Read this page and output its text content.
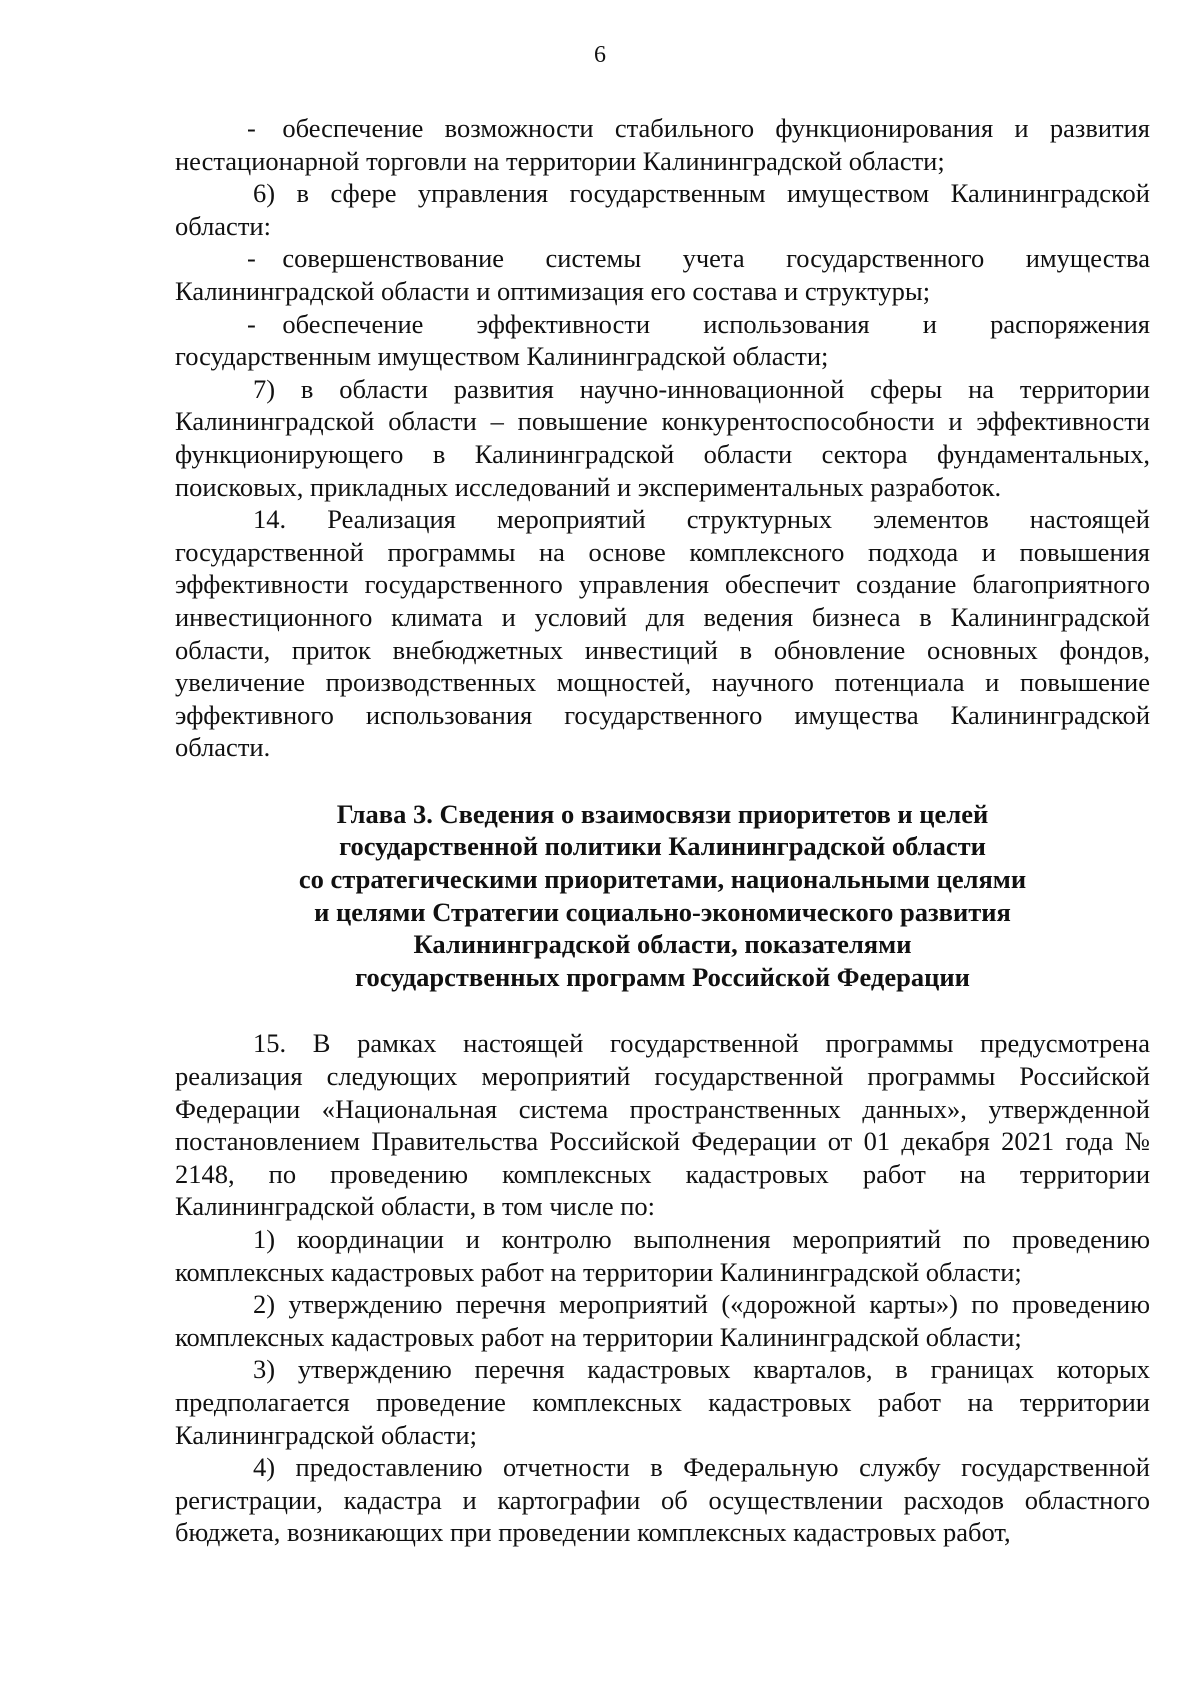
6

- обеспечение возможности стабильного функционирования и развития нестационарной торговли на территории Калининградской области;

6) в сфере управления государственным имуществом Калининградской области:

- совершенствование системы учета государственного имущества Калининградской области и оптимизация его состава и структуры;

- обеспечение эффективности использования и распоряжения государственным имуществом Калининградской области;

7) в области развития научно-инновационной сферы на территории Калининградской области – повышение конкурентоспособности и эффективности функционирующего в Калининградской области сектора фундаментальных, поисковых, прикладных исследований и экспериментальных разработок.

14. Реализация мероприятий структурных элементов настоящей государственной программы на основе комплексного подхода и повышения эффективности государственного управления обеспечит создание благоприятного инвестиционного климата и условий для ведения бизнеса в Калининградской области, приток внебюджетных инвестиций в обновление основных фондов, увеличение производственных мощностей, научного потенциала и повышение эффективного использования государственного имущества Калининградской области.

Глава 3. Сведения о взаимосвязи приоритетов и целей
государственной политики Калининградской области
со стратегическими приоритетами, национальными целями
и целями Стратегии социально-экономического развития
Калининградской области, показателями
государственных программ Российской Федерации

15. В рамках настоящей государственной программы предусмотрена реализация следующих мероприятий государственной программы Российской Федерации «Национальная система пространственных данных», утвержденной постановлением Правительства Российской Федерации от 01 декабря 2021 года № 2148, по проведению комплексных кадастровых работ на территории Калининградской области, в том числе по:

1) координации и контролю выполнения мероприятий по проведению комплексных кадастровых работ на территории Калининградской области;

2) утверждению перечня мероприятий («дорожной карты») по проведению комплексных кадастровых работ на территории Калининградской области;

3) утверждению перечня кадастровых кварталов, в границах которых предполагается проведение комплексных кадастровых работ на территории Калининградской области;

4) предоставлению отчетности в Федеральную службу государственной регистрации, кадастра и картографии об осуществлении расходов областного бюджета, возникающих при проведении комплексных кадастровых работ,
